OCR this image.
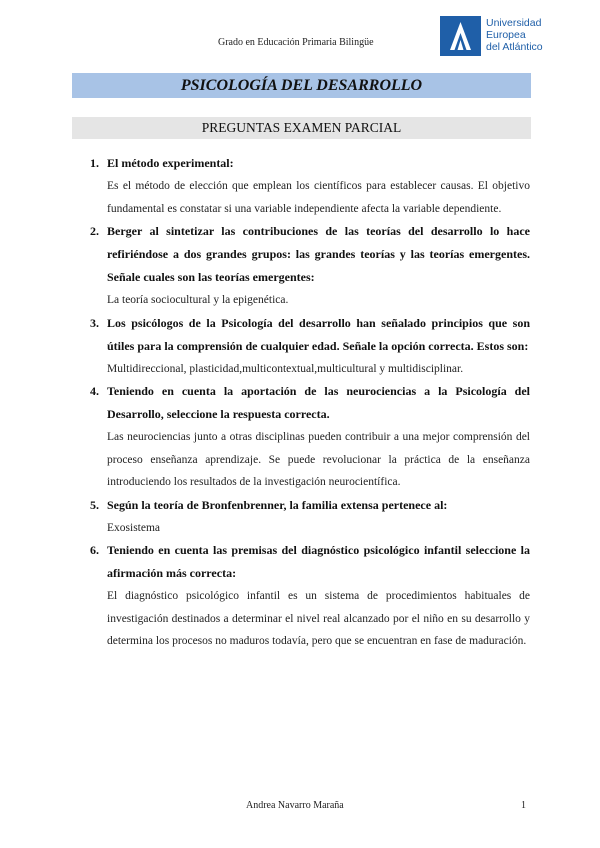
Grado en Educación Primaria Bilingüe
Universidad
Europea
del Atlántico
PSICOLOGÍA DEL DESARROLLO
PREGUNTAS EXAMEN PARCIAL
1. El método experimental:
Es el método de elección que emplean los científicos para establecer causas. El objetivo fundamental es constatar si una variable independiente afecta la variable dependiente.
2. Berger al sintetizar las contribuciones de las teorías del desarrollo lo hace refiriéndose a dos grandes grupos: las grandes teorías y las teorías emergentes. Señale cuales son las teorías emergentes:
La teoría sociocultural y la epigenética.
3. Los psicólogos de la Psicología del desarrollo han señalado principios que son útiles para la comprensión de cualquier edad. Señale la opción correcta. Estos son:
Multidireccional, plasticidad,multicontextual,multicultural y multidisciplinar.
4. Teniendo en cuenta la aportación de las neurociencias a la Psicología del Desarrollo, seleccione la respuesta correcta.
Las neurociencias junto a otras disciplinas pueden contribuir a una mejor comprensión del proceso enseñanza aprendizaje. Se puede revolucionar la práctica de la enseñanza introduciendo los resultados de la investigación neurocientífica.
5. Según la teoría de Bronfenbrenner, la familia extensa pertenece al:
Exosistema
6. Teniendo en cuenta las premisas del diagnóstico psicológico infantil seleccione la afirmación más correcta:
El diagnóstico psicológico infantil es un sistema de procedimientos habituales de investigación destinados a determinar el nivel real alcanzado por el niño en su desarrollo y determina los procesos no maduros todavía, pero que se encuentran en fase de maduración.
Andrea Navarro Maraña	1
